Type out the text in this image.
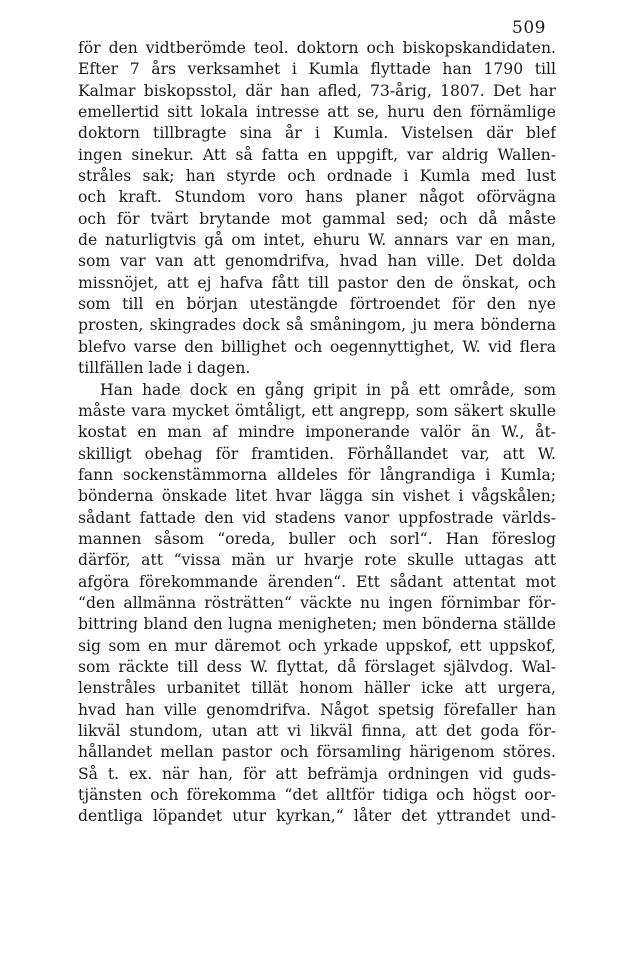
509
för den vidtberömde teol. doktorn och biskopskandidaten.
Efter 7 års verksamhet i Kumla flyttade han 1790 till
Kalmar biskopsstol, där han afled, 73-årig, 1807. Det har
emellertid sitt lokala intresse att se, huru den förnämlige
doktorn tillbragte sina år i Kumla. Vistelsen där blef
ingen sinekur. Att så fatta en uppgift, var aldrig Wallen-
stråles sak; han styrde och ordnade i Kumla med lust
och kraft. Stundom voro hans planer något oförvägna
och för tvärt brytande mot gammal sed; och då måste
de naturligtvis gå om intet, ehuru W. annars var en man,
som var van att genomdrifva, hvad han ville. Det dolda
missnöjet, att ej hafva fått till pastor den de önskat, och
som till en början utestängde förtroendet för den nye
prosten, skingrades dock så småningom, ju mera bönderna
blefvo varse den billighet och oegennyttighet, W. vid flera
tillfällen lade i dagen.
Han hade dock en gång gripit in på ett område, som
måste vara mycket ömtåligt, ett angrepp, som säkert skulle
kostat en man af mindre imponerande valör än W., åt-
skilligt obehag för framtiden. Förhållandet var, att W.
fann sockenstämmorna alldeles för långrandiga i Kumla;
bönderna önskade litet hvar lägga sin vishet i vågskålen;
sådant fattade den vid stadens vanor uppfostrade världs-
mannen såsom “oreda, buller och sorl“. Han föreslog
därför, att “vissa män ur hvarje rote skulle uttagas att
afgöra förekommande ärenden“. Ett sådant attentat mot
“den allmänna rösträtten“ väckte nu ingen förnimbar för-
bittring bland den lugna menigheten; men bönderna ställde
sig som en mur däremot och yrkade uppskof, ett uppskof,
som räckte till dess W. flyttat, då förslaget självdog. Wal-
lenstråles urbanitet tillät honom häller icke att urgera,
hvad han ville genomdrifva. Något spetsig förefaller han
likväl stundom, utan att vi likväl finna, att det goda för-
hållandet mellan pastor och församling härigenom störes.
Så t. ex. när han, för att befrämja ordningen vid guds-
tjänsten och förekomma “det alltför tidiga och högst oor-
dentliga löpandet utur kyrkan,“ låter det yttrandet und-
